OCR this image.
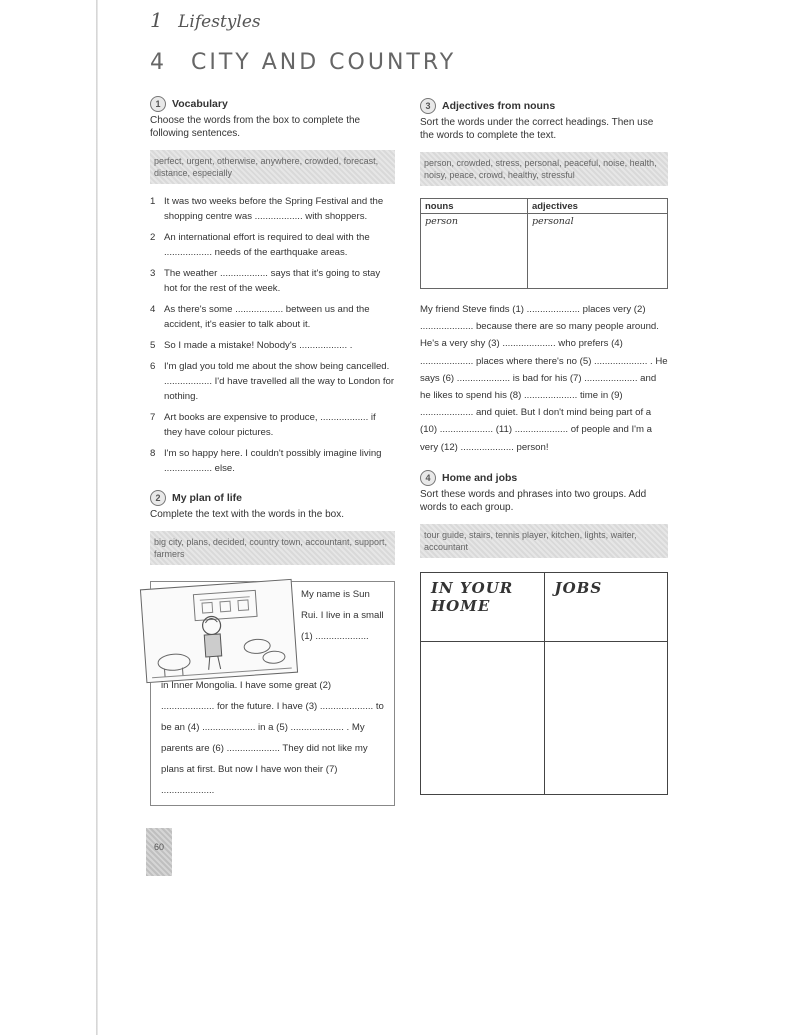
1 Lifestyles
4 CITY AND COUNTRY
1	Vocabulary
Choose the words from the box to complete the following sentences.
perfect, urgent, otherwise, anywhere, crowded, forecast, distance, especially
1 It was two weeks before the Spring Festival and the shopping centre was .................. with shoppers.
2 An international effort is required to deal with the .................. needs of the earthquake areas.
3 The weather .................. says that it's going to stay hot for the rest of the week.
4 As there's some .................. between us and the accident, it's easier to talk about it.
5 So I made a mistake! Nobody's .................. .
6 I'm glad you told me about the show being cancelled. .................. I'd have travelled all the way to London for nothing.
7 Art books are expensive to produce, .................. if they have colour pictures.
8 I'm so happy here. I couldn't possibly imagine living .................. else.
2	My plan of life
Complete the text with the words in the box.
big city, plans, decided, country town, accountant, support, farmers
My name is Sun Rui. I live in a small (1) ....................
in Inner Mongolia. I have some great (2) .................... for the future. I have (3) .................... to be an (4) .................... in a (5) .................... . My parents are (6) .................... They did not like my plans at first. But now I have won their (7) ....................
3	Adjectives from nouns
Sort the words under the correct headings. Then use the words to complete the text.
person, crowded, stress, personal, peaceful, noise, health, noisy, peace, crowd, healthy, stressful
nouns	adjectives
person	personal
My friend Steve finds (1) .................... places very (2) .................... because there are so many people around. He's a very shy (3) .................... who prefers (4) .................... places where there's no (5) .................... . He says (6) .................... is bad for his (7) .................... and he likes to spend his (8) .................... time in (9) .................... and quiet. But I don't mind being part of a (10) .................... (11) .................... of people and I'm a very (12) .................... person!
4	Home and jobs
Sort these words and phrases into two groups. Add words to each group.
tour guide, stairs, tennis player, kitchen, lights, waiter, accountant
IN YOUR HOME	JOBS

60
